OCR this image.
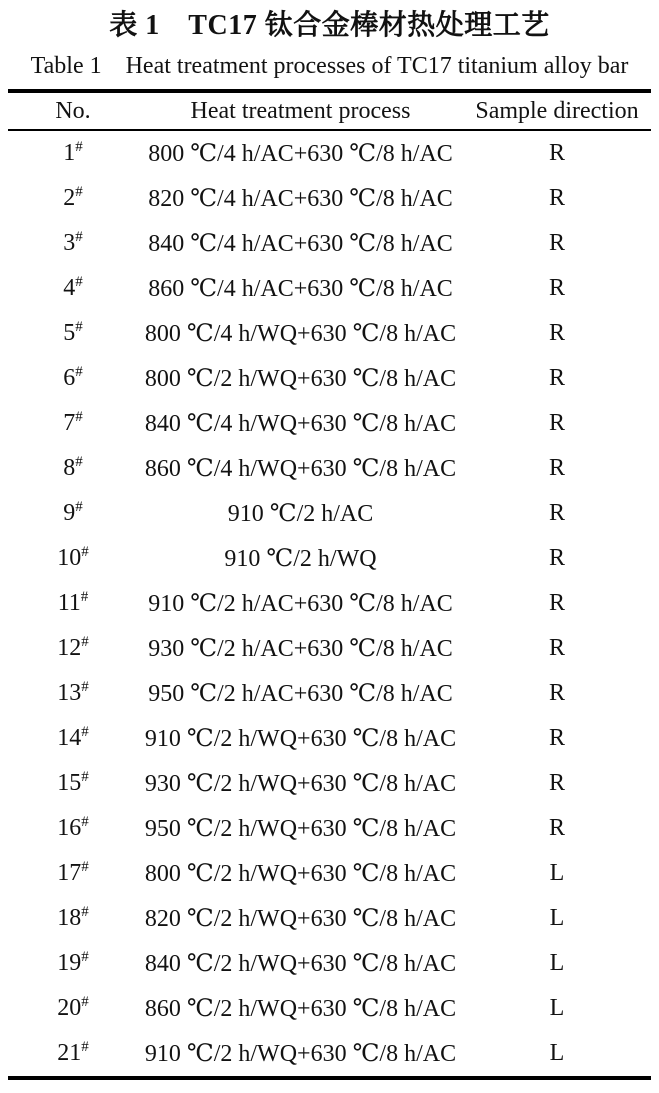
表 1　TC17 钛合金棒材热处理工艺
Table 1　Heat treatment processes of TC17 titanium alloy bar
No.	Heat treatment process	Sample direction
1#	800 ℃/4 h/AC+630 ℃/8 h/AC	R
2#	820 ℃/4 h/AC+630 ℃/8 h/AC	R
3#	840 ℃/4 h/AC+630 ℃/8 h/AC	R
4#	860 ℃/4 h/AC+630 ℃/8 h/AC	R
5#	800 ℃/4 h/WQ+630 ℃/8 h/AC	R
6#	800 ℃/2 h/WQ+630 ℃/8 h/AC	R
7#	840 ℃/4 h/WQ+630 ℃/8 h/AC	R
8#	860 ℃/4 h/WQ+630 ℃/8 h/AC	R
9#	910 ℃/2 h/AC	R
10#	910 ℃/2 h/WQ	R
11#	910 ℃/2 h/AC+630 ℃/8 h/AC	R
12#	930 ℃/2 h/AC+630 ℃/8 h/AC	R
13#	950 ℃/2 h/AC+630 ℃/8 h/AC	R
14#	910 ℃/2 h/WQ+630 ℃/8 h/AC	R
15#	930 ℃/2 h/WQ+630 ℃/8 h/AC	R
16#	950 ℃/2 h/WQ+630 ℃/8 h/AC	R
17#	800 ℃/2 h/WQ+630 ℃/8 h/AC	L
18#	820 ℃/2 h/WQ+630 ℃/8 h/AC	L
19#	840 ℃/2 h/WQ+630 ℃/8 h/AC	L
20#	860 ℃/2 h/WQ+630 ℃/8 h/AC	L
21#	910 ℃/2 h/WQ+630 ℃/8 h/AC	L
